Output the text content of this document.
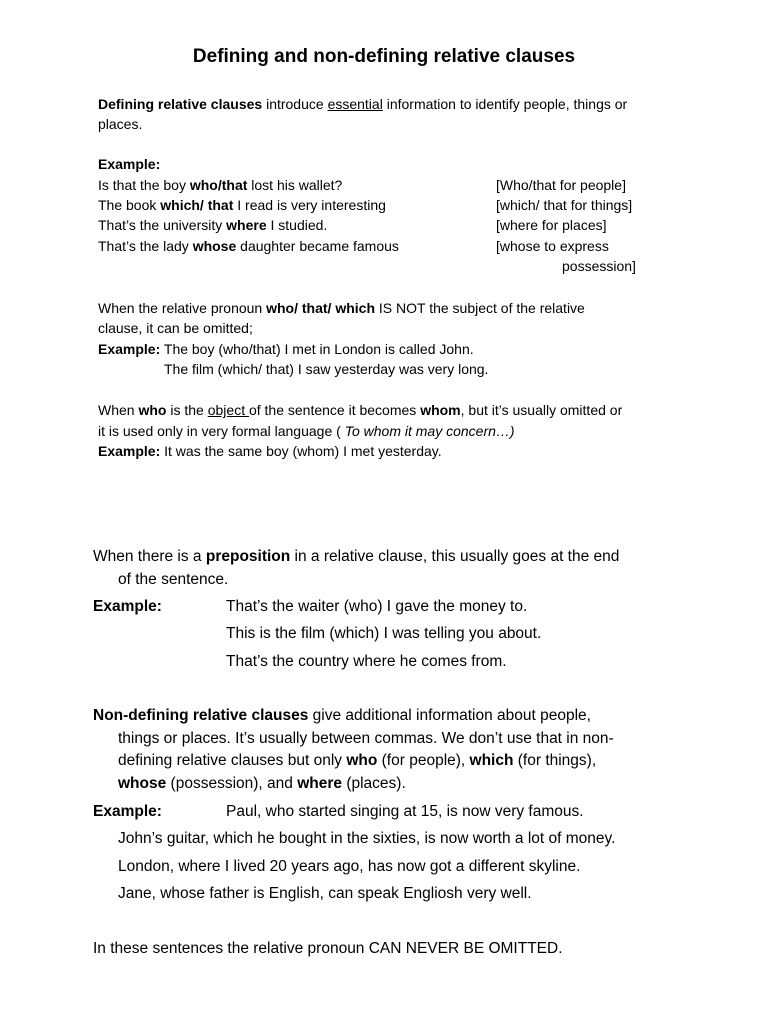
Defining and non-defining relative clauses
Defining relative clauses introduce essential information to identify people, things or
places.
Example:
Is that the boy who/that lost his wallet?	[Who/that for people]
The book which/ that I read is very interesting	[which/ that for things]
That’s the university where I studied.	[where for places]
That’s the lady whose daughter became famous	[whose to express
possession]
When the relative pronoun who/ that/ which IS NOT the subject of the relative
clause, it can be omitted;
Example: The boy (who/that) I met in London is called John.
The film (which/ that) I saw yesterday was very long.
When who is the object of the sentence it becomes whom, but it’s usually omitted or
it is used only in very formal language ( To whom it may concern…)
Example: It was the same boy (whom) I met yesterday.
When there is a preposition in a relative clause, this usually goes at the end
of the sentence.
Example:	That’s the waiter (who) I gave the money to.
This is the film (which) I was telling you about.
That’s the country where he comes from.
Non-defining relative clauses give additional information about people,
things or places. It’s usually between commas. We don’t use that in non-
defining relative clauses but only who (for people), which (for things),
whose (possession), and where (places).
Example:	Paul, who started singing at 15, is now very famous.
John’s guitar, which he bought in the sixties, is now worth a lot of money.
London, where I lived 20 years ago, has now got a different skyline.
Jane, whose father is English, can speak Engliosh very well.
In these sentences the relative pronoun CAN NEVER BE OMITTED.
